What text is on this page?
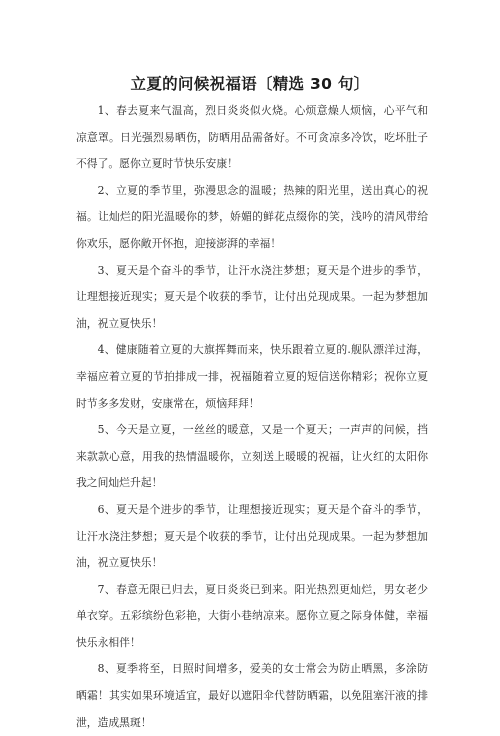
立夏的问候祝福语〔精选 30 句〕

1、春去夏来气温高，烈日炎炎似火烧。心烦意燥人烦恼，心平气和凉意罩。日光强烈易晒伤，防晒用品需备好。不可贪凉多冷饮，吃坏肚子不得了。愿你立夏时节快乐安康！

2、立夏的季节里，弥漫思念的温暖；热辣的阳光里，送出真心的祝福。让灿烂的阳光温暖你的梦，娇媚的鲜花点缀你的笑，浅吟的清风带给你欢乐，愿你敞开怀抱，迎接澎湃的幸福！

3、夏天是个奋斗的季节，让汗水浇注梦想；夏天是个进步的季节，让理想接近现实；夏天是个收获的季节，让付出兑现成果。一起为梦想加油，祝立夏快乐！

4、健康随着立夏的大旗挥舞而来，快乐跟着立夏的.舰队漂洋过海，幸福应着立夏的节拍排成一排，祝福随着立夏的短信送你精彩；祝你立夏时节多多发财，安康常在，烦恼拜拜！

5、今天是立夏，一丝丝的暖意，又是一个夏天；一声声的问候，挡来款款心意，用我的热情温暖你，立刻送上暖暖的祝福，让火红的太阳你我之间灿烂升起！

6、夏天是个进步的季节，让理想接近现实；夏天是个奋斗的季节，让汗水浇注梦想；夏天是个收获的季节，让付出兑现成果。一起为梦想加油，祝立夏快乐！

7、春意无限已归去，夏日炎炎已到来。阳光热烈更灿烂，男女老少单衣穿。五彩缤纷色彩艳，大街小巷纳凉来。愿你立夏之际身体健，幸福快乐永相伴！

8、夏季将至，日照时间增多，爱美的女士常会为防止晒黑，多涂防晒霜！其实如果环境适宜，最好以遮阳伞代替防晒霜，以免阻塞汗液的排泄，造成黑斑！
